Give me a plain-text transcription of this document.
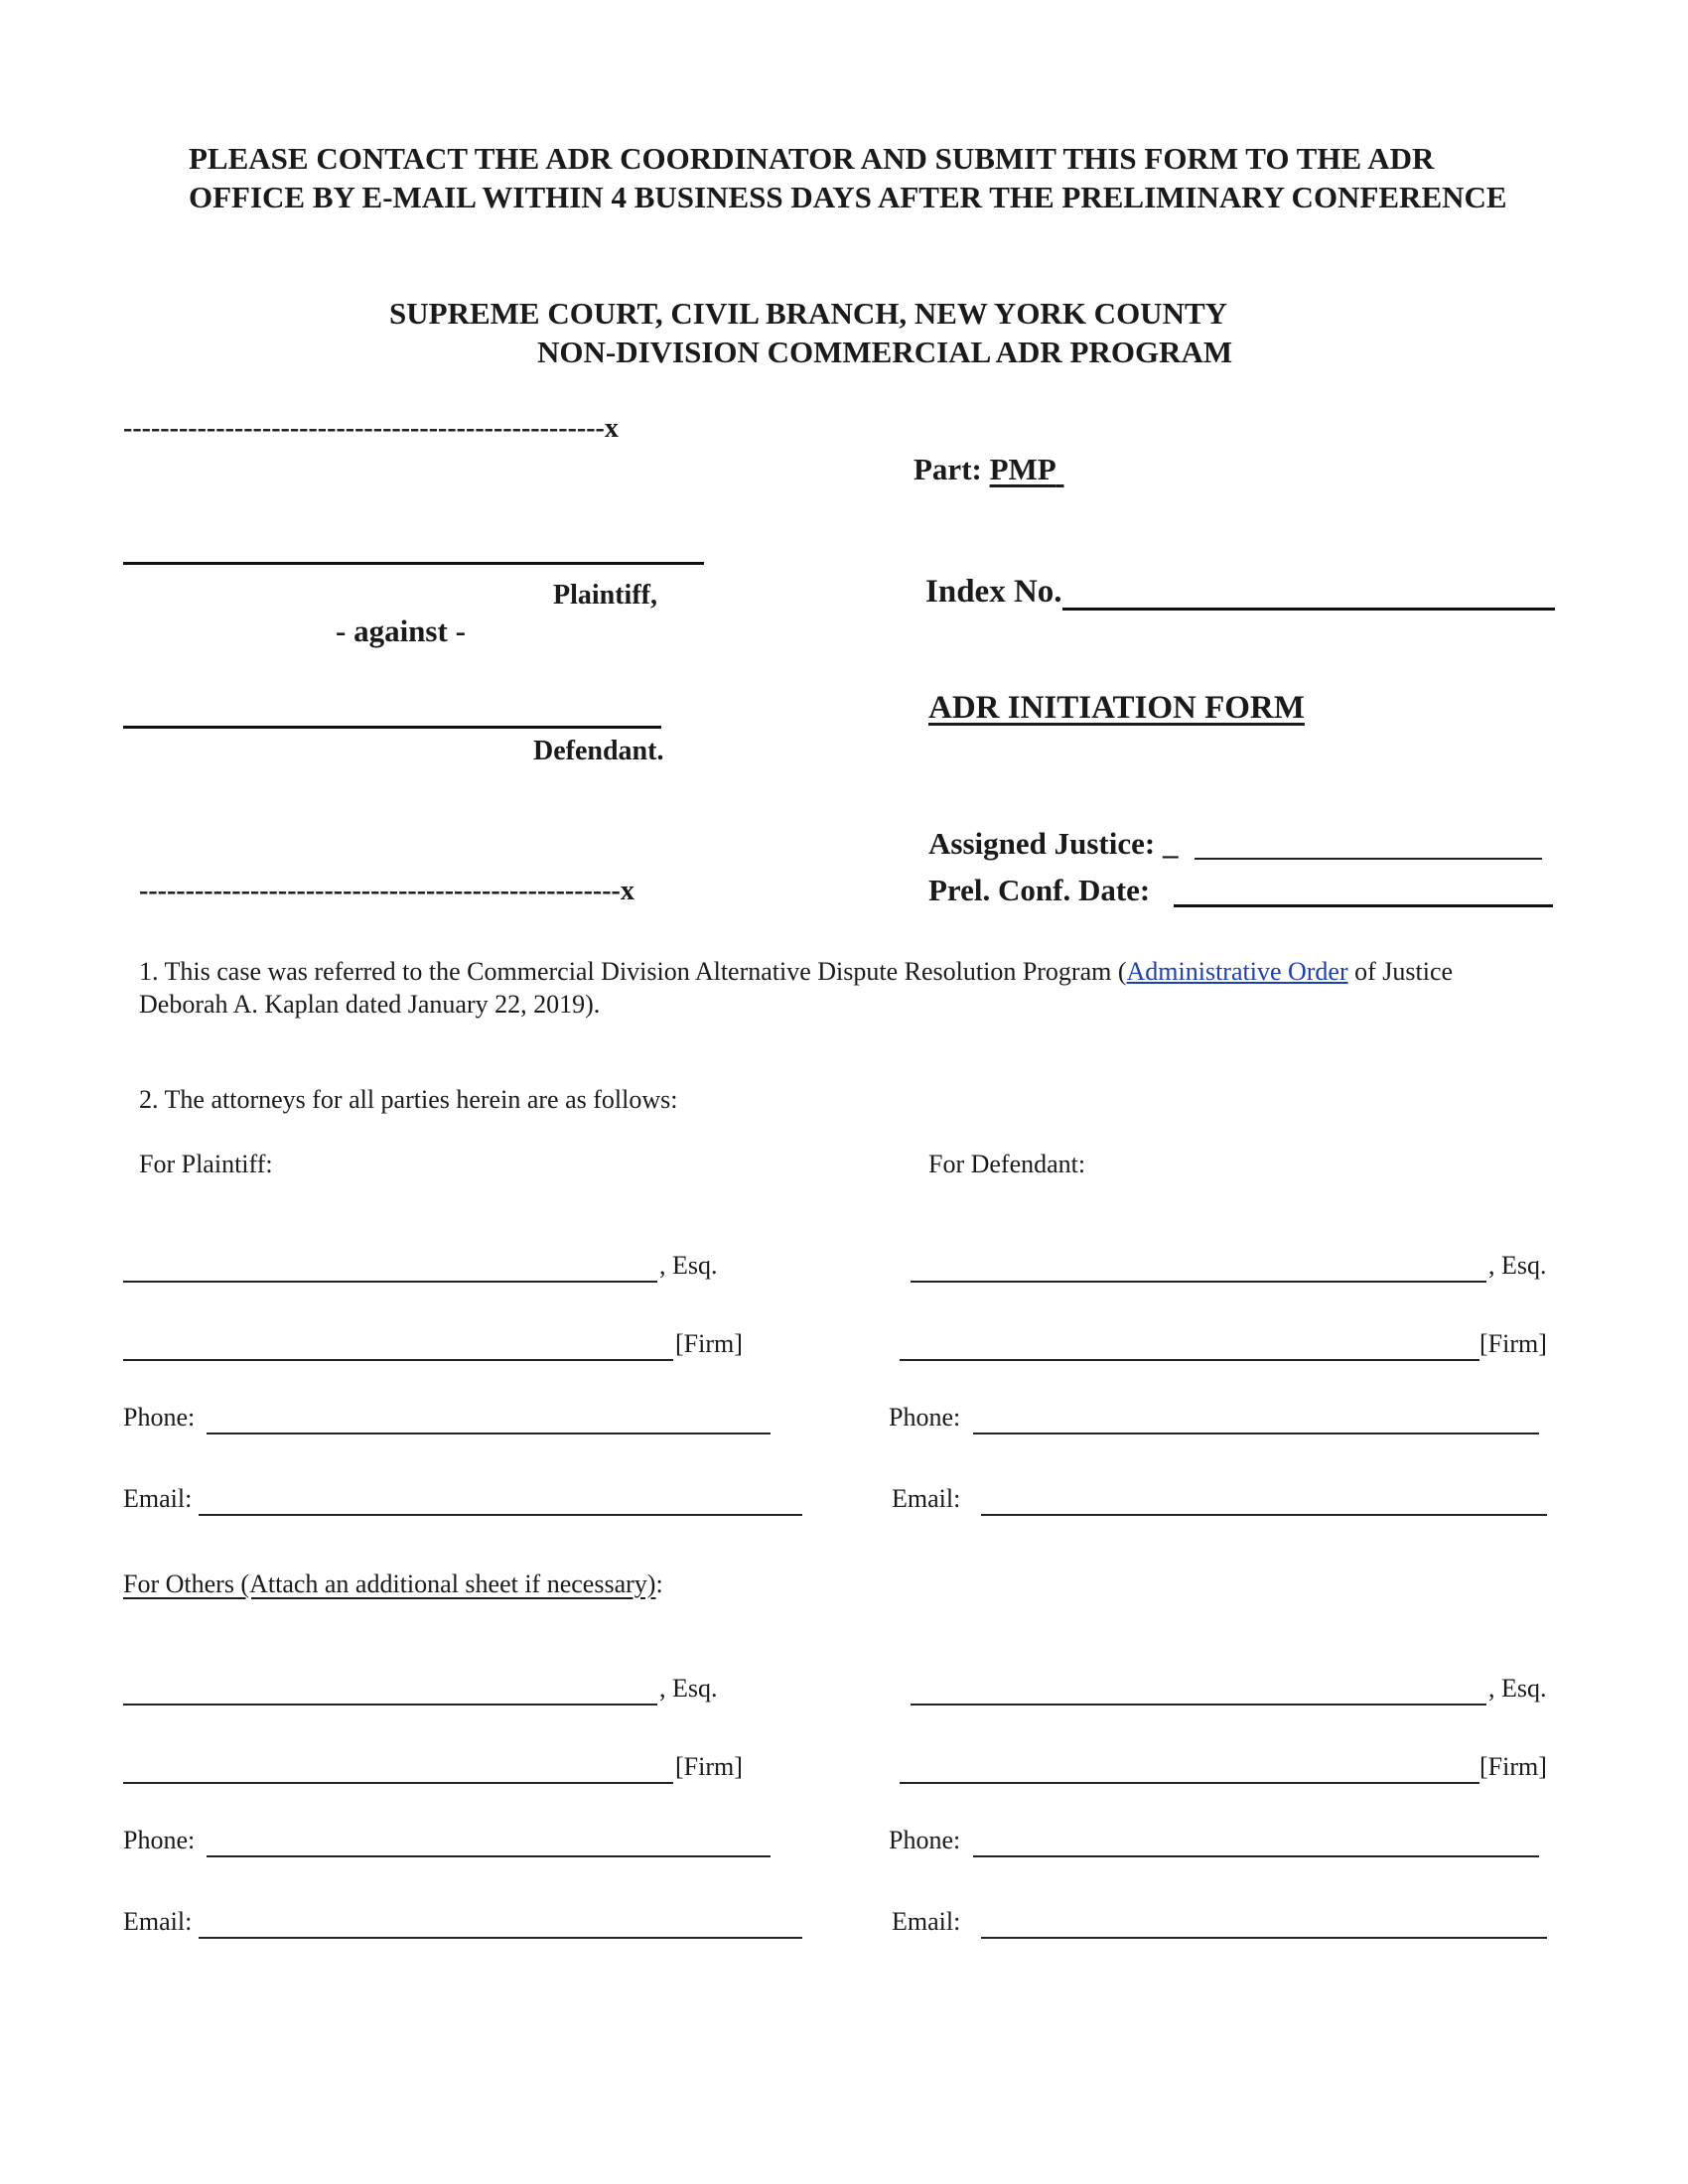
PLEASE CONTACT THE ADR COORDINATOR AND SUBMIT THIS FORM TO THE ADR OFFICE BY E-MAIL WITHIN 4 BUSINESS DAYS AFTER THE PRELIMINARY CONFERENCE
SUPREME COURT, CIVIL BRANCH, NEW YORK COUNTY
NON-DIVISION COMMERCIAL ADR PROGRAM
----------------------------------------------------x
Plaintiff,
- against -
Defendant.
----------------------------------------------------x
Part: PMP
Index No.
ADR INITIATION FORM
Assigned Justice: _
Prel. Conf. Date:
1. This case was referred to the Commercial Division Alternative Dispute Resolution Program (Administrative Order of Justice Deborah A. Kaplan dated January 22, 2019).
2. The attorneys for all parties herein are as follows:
For Plaintiff:	For Defendant:
, Esq.
[Firm]
Phone:
Email:
, Esq.
[Firm]
Phone:
Email:
For Others (Attach an additional sheet if necessary):
, Esq.
[Firm]
Phone:
Email:
, Esq.
[Firm]
Phone:
Email:
